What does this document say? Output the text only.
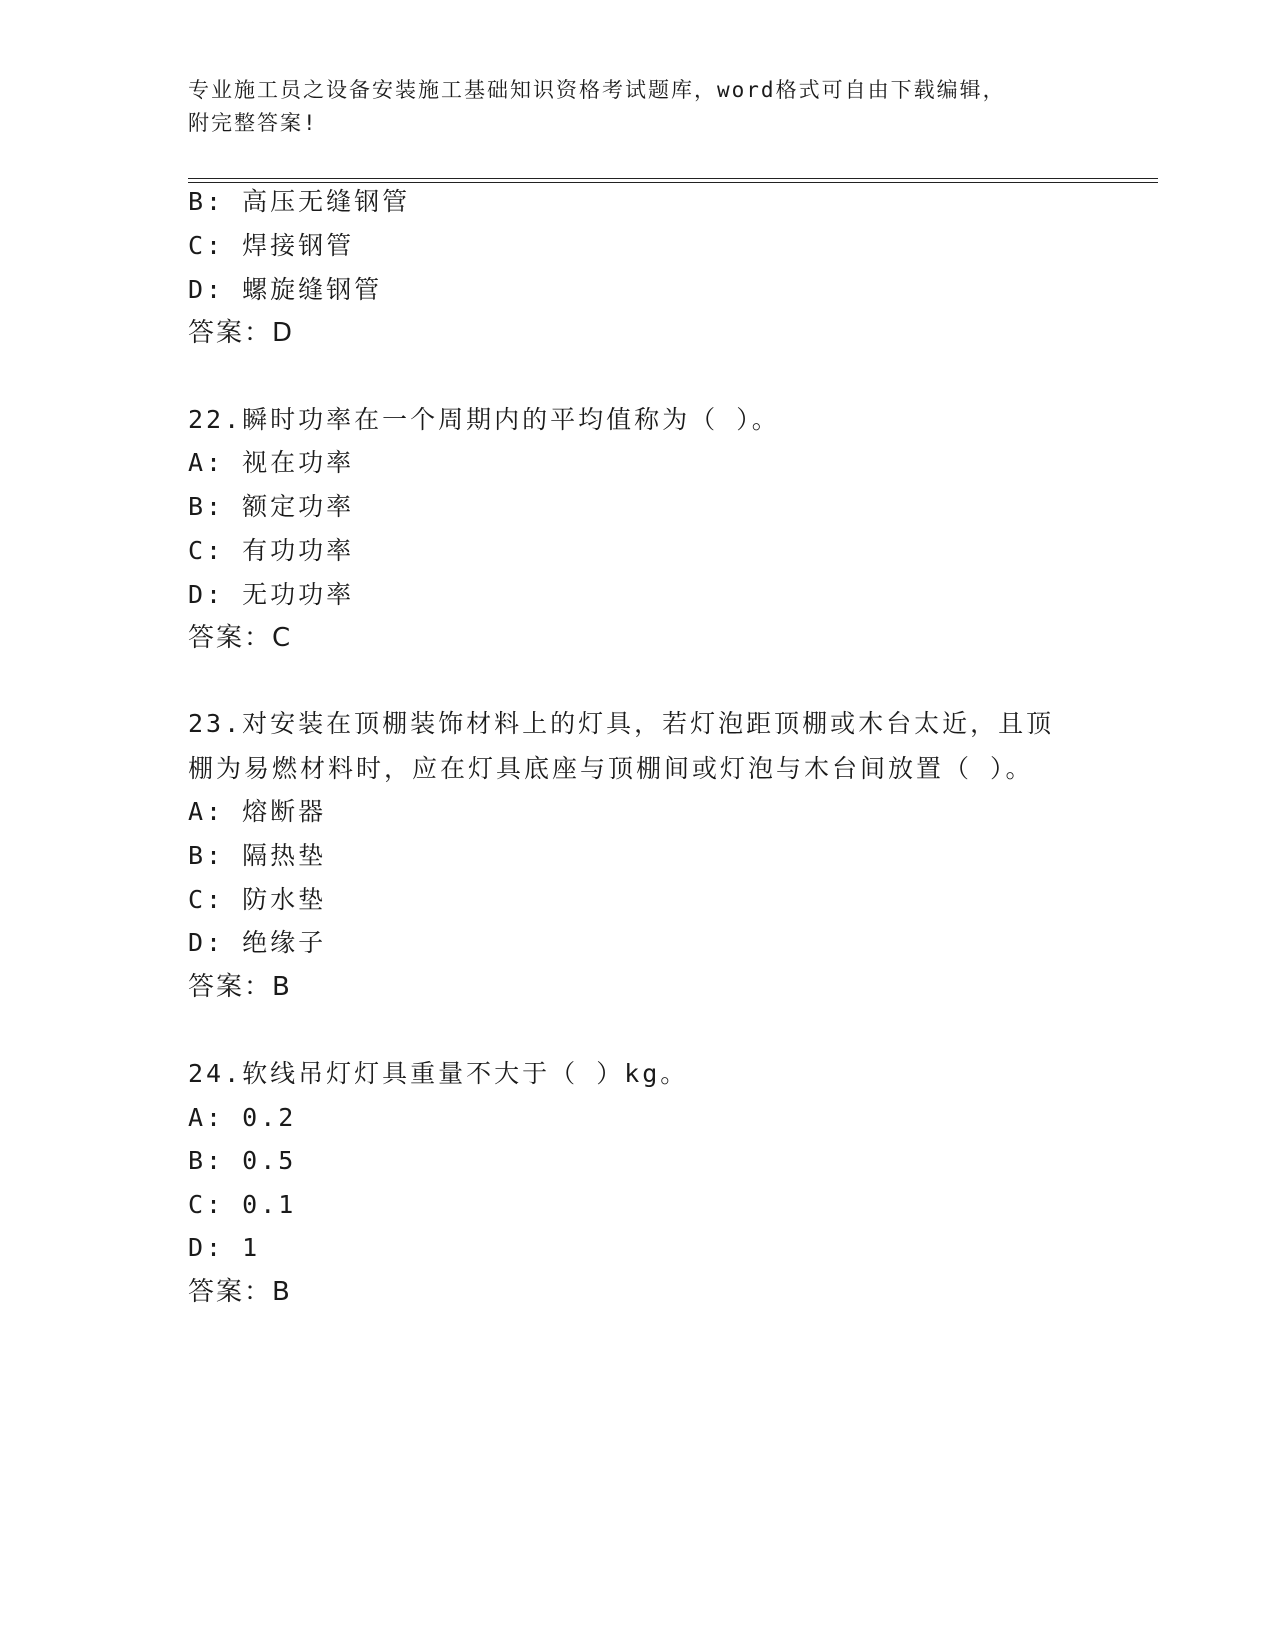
专业施工员之设备安装施工基础知识资格考试题库，word格式可自由下载编辑，
附完整答案!
B: 高压无缝钢管
C: 焊接钢管
D: 螺旋缝钢管
答案：D
22.瞬时功率在一个周期内的平均值称为（ ）。
A: 视在功率
B: 额定功率
C: 有功功率
D: 无功功率
答案：C
23.对安装在顶棚装饰材料上的灯具，若灯泡距顶棚或木台太近，且顶
棚为易燃材料时，应在灯具底座与顶棚间或灯泡与木台间放置（ ）。
A: 熔断器
B: 隔热垫
C: 防水垫
D: 绝缘子
答案：B
24.软线吊灯灯具重量不大于（ ）kg。
A: 0.2
B: 0.5
C: 0.1
D: 1
答案：B
